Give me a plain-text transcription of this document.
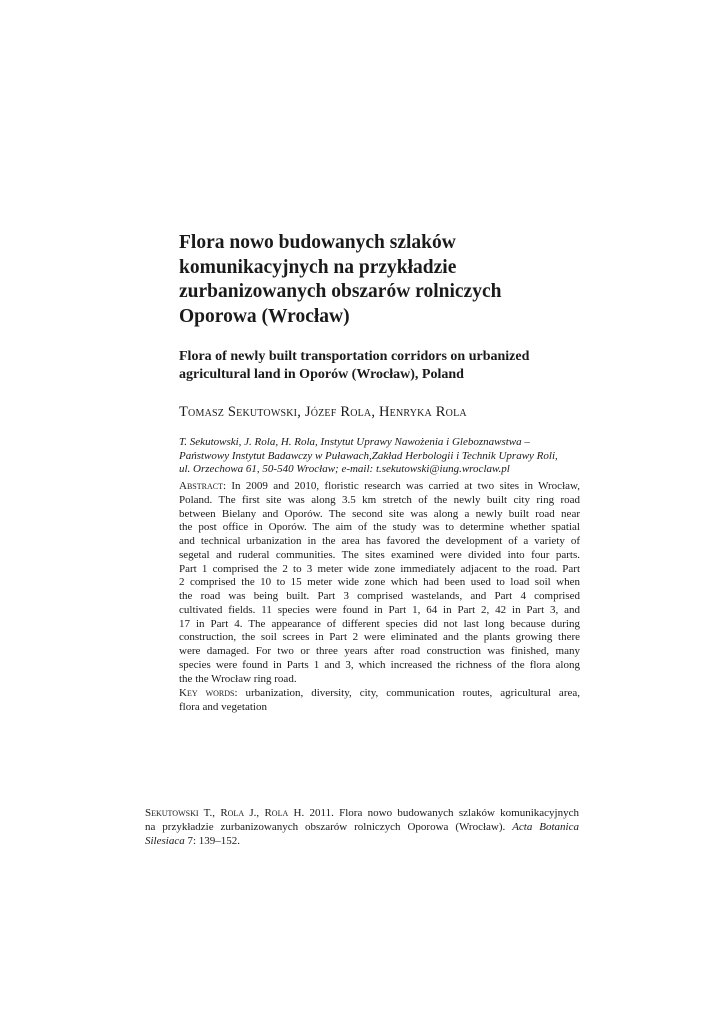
Flora nowo budowanych szlaków
komunikacyjnych na przykładzie
zurbanizowanych obszarów rolniczych
Oporowa (Wrocław)
Flora of newly built transportation corridors on urbanized
agricultural land in Oporów (Wrocław), Poland

Tomasz Sekutowski, Józef Rola, Henryka Rola

T. Sekutowski, J. Rola, H. Rola, Instytut Uprawy Nawożenia i Gleboznawstwa –
Państwowy Instytut Badawczy w Puławach,Zakład Herbologii i Technik Uprawy Roli,
ul. Orzechowa 61, 50-540 Wrocław; e-mail: t.sekutowski@iung.wroclaw.pl

Abstract: In 2009 and 2010, floristic research was carried at two sites in Wrocław,
Poland. The first site was along 3.5 km stretch of the newly built city ring road
between Bielany and Oporów. The second site was along a newly built road near
the post office in Oporów. The aim of the study was to determine whether spatial
and technical urbanization in the area has favored the development of a variety of
segetal and ruderal communities. The sites examined were divided into four parts.
Part 1 comprised the 2 to 3 meter wide zone immediately adjacent to the road. Part
2 comprised the 10 to 15 meter wide zone which had been used to load soil when
the road was being built. Part 3 comprised wastelands, and Part 4 comprised
cultivated fields. 11 species were found in Part 1, 64 in Part 2, 42 in Part 3, and
17 in Part 4. The appearance of different species did not last long because during
construction, the soil screes in Part 2 were eliminated and the plants growing there
were damaged. For two or three years after road construction was finished, many
species were found in Parts 1 and 3, which increased the richness of the flora along
the the Wrocław ring road.
Key words: urbanization, diversity, city, communication routes, agricultural area,
flora and vegetation
Sekutowski T., Rola J., Rola H. 2011. Flora nowo budowanych szlaków komunikacyjnych
na przykładzie zurbanizowanych obszarów rolniczych Oporowa (Wrocław). Acta Botanica
Silesiaca 7: 139–152.
